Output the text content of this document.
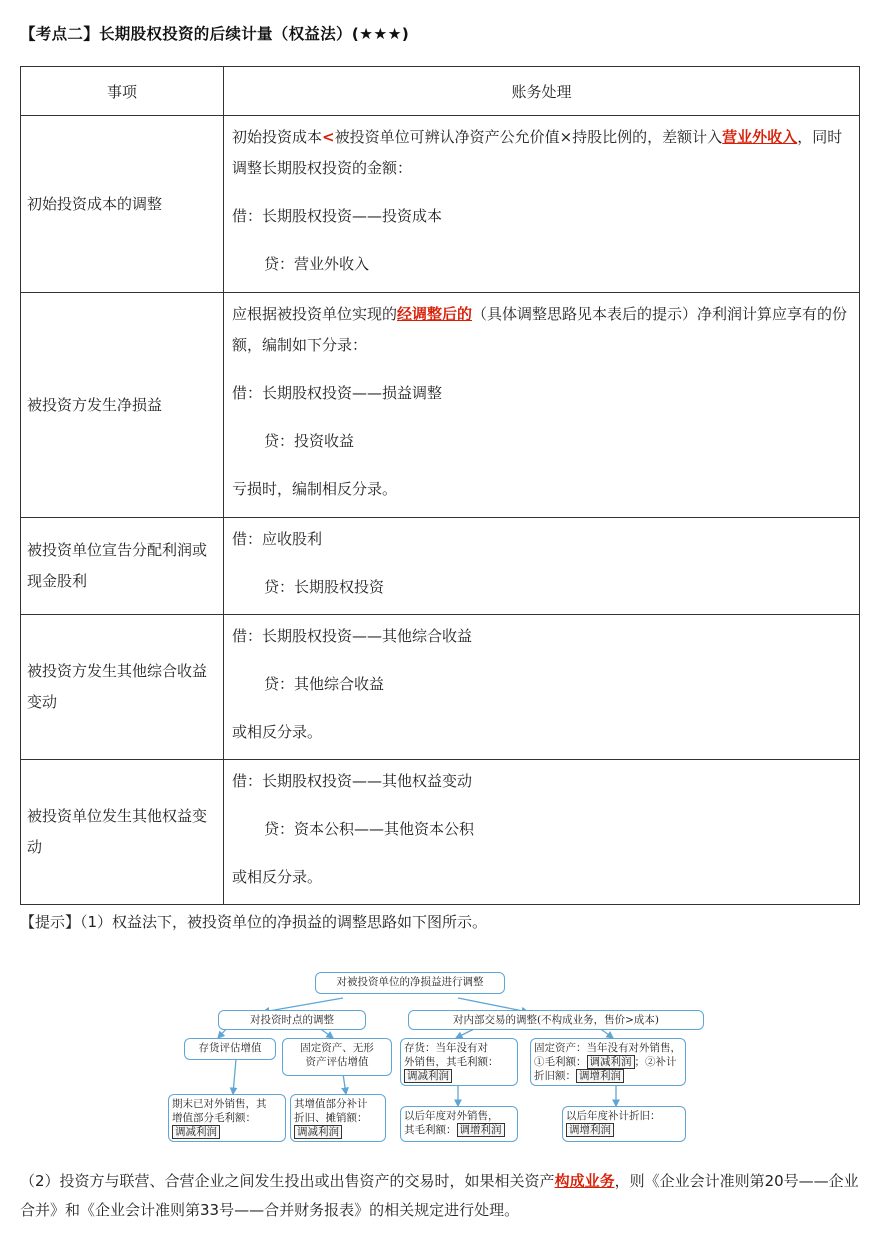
【考点二】长期股权投资的后续计量（权益法）(★★★)
事项	账务处理
初始投资成本的调整	初始投资成本<被投资单位可辨认净资产公允价值×持股比例的，差额计入营业外收入，同时调整长期股权投资的金额：
借：长期股权投资——投资成本
贷：营业外收入

被投资方发生净损益	应根据被投资单位实现的经调整后的（具体调整思路见本表后的提示）净利润计算应享有的份额，编制如下分录：
借：长期股权投资——损益调整
贷：投资收益
亏损时，编制相反分录。

被投资单位宣告分配利润或现金股利	借：应收股利
贷：长期股权投资

被投资方发生其他综合收益变动	借：长期股权投资——其他综合收益
贷：其他综合收益
或相反分录。

被投资单位发生其他权益变动	借：长期股权投资——其他权益变动
贷：资本公积——其他资本公积
或相反分录。
【提示】（1）权益法下，被投资单位的净损益的调整思路如下图所示。
对被投资单位的净损益进行调整
对投资时点的调整	对内部交易的调整(不构成业务，售价>成本)
存货评估增值	固定资产、无形
资产评估增值
期末已对外销售，其
增值部分毛利额：
调减利润
其增值部分补计
折旧、摊销额：
调减利润
存货：当年没有对
外销售，其毛利额：
调减利润
固定资产：当年没有对外销售，
①毛利额： 调减利润 ；②补计
折旧额： 调增利润
以后年度对外销售，
其毛利额： 调增利润
以后年度补计折旧：
调增利润
（2）投资方与联营、合营企业之间发生投出或出售资产的交易时，如果相关资产构成业务，则《企业会计准则第20号——企业合并》和《企业会计准则第33号——合并财务报表》的相关规定进行处理。
